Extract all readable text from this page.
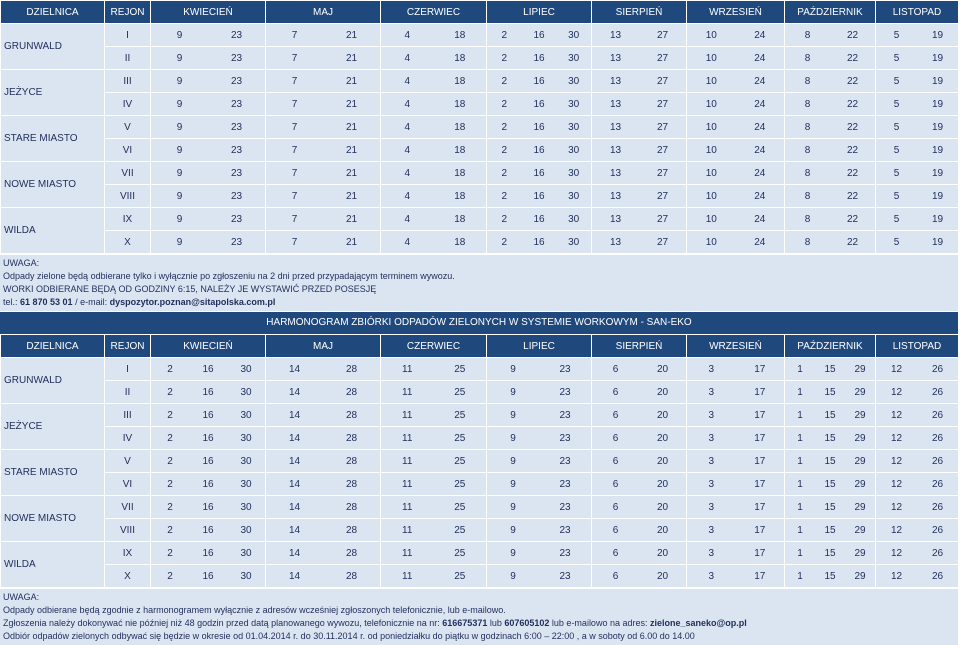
DZIELNICA	REJON	KWIECIEŃ	MAJ	CZERWIEC	LIPIEC	SIERPIEŃ	WRZESIEŃ	PAŹDZIERNIK	LISTOPAD
GRUNWALD	I	9 23	7 21	4 18	2 16 30	13 27	10 24	8 22	5 19

	II	9 23	7 21	4 18	2 16 30	13 27	10 24	8 22	5 19

JEŻYCE	III	9 23	7 21	4 18	2 16 30	13 27	10 24	8 22	5 19

	IV	9 23	7 21	4 18	2 16 30	13 27	10 24	8 22	5 19

STARE MIASTO	V	9 23	7 21	4 18	2 16 30	13 27	10 24	8 22	5 19

	VI	9 23	7 21	4 18	2 16 30	13 27	10 24	8 22	5 19

NOWE MIASTO	VII	9 23	7 21	4 18	2 16 30	13 27	10 24	8 22	5 19

	VIII	9 23	7 21	4 18	2 16 30	13 27	10 24	8 22	5 19

WILDA	IX	9 23	7 21	4 18	2 16 30	13 27	10 24	8 22	5 19

	X	9 23	7 21	4 18	2 16 30	13 27	10 24	8 22	5 19
UWAGA:
Odpady zielone będą odbierane tylko i wyłącznie po zgłoszeniu na 2 dni przed przypadającym terminem wywozu.
WORKI ODBIERANE BĘDĄ OD GODZINY 6:15, NALEŻY JE WYSTAWIĆ PRZED POSESJĘ
tel.: 61 870 53 01 / e-mail: dyspozytor.poznan@sitapolska.com.pl
HARMONOGRAM ZBIÓRKI ODPADÓW ZIELONYCH W SYSTEMIE WORKOWYM - SAN-EKO
DZIELNICA	REJON	KWIECIEŃ	MAJ	CZERWIEC	LIPIEC	SIERPIEŃ	WRZESIEŃ	PAŹDZIERNIK	LISTOPAD
GRUNWALD	I	2 16 30	14 28	11 25	9 23	6 20	3 17	1 15 29	12 26

	II	2 16 30	14 28	11 25	9 23	6 20	3 17	1 15 29	12 26

JEŻYCE	III	2 16 30	14 28	11 25	9 23	6 20	3 17	1 15 29	12 26

	IV	2 16 30	14 28	11 25	9 23	6 20	3 17	1 15 29	12 26

STARE MIASTO	V	2 16 30	14 28	11 25	9 23	6 20	3 17	1 15 29	12 26

	VI	2 16 30	14 28	11 25	9 23	6 20	3 17	1 15 29	12 26

NOWE MIASTO	VII	2 16 30	14 28	11 25	9 23	6 20	3 17	1 15 29	12 26

	VIII	2 16 30	14 28	11 25	9 23	6 20	3 17	1 15 29	12 26

WILDA	IX	2 16 30	14 28	11 25	9 23	6 20	3 17	1 15 29	12 26

	X	2 16 30	14 28	11 25	9 23	6 20	3 17	1 15 29	12 26
UWAGA:
Odpady odbierane będą zgodnie z harmonogramem wyłącznie z adresów wcześniej zgłoszonych telefonicznie, lub e-mailowo.
Zgłoszenia należy dokonywać nie później niż 48 godzin przed datą planowanego wywozu, telefonicznie na nr: 616675371 lub 607605102 lub e-mailowo na adres: zielone_saneko@op.pl
Odbiór odpadów zielonych odbywać się będzie w okresie od 01.04.2014 r. do 30.11.2014 r. od poniedziałku do piątku w godzinach 6:00 – 22:00 , a w soboty od 6.00 do 14.00
